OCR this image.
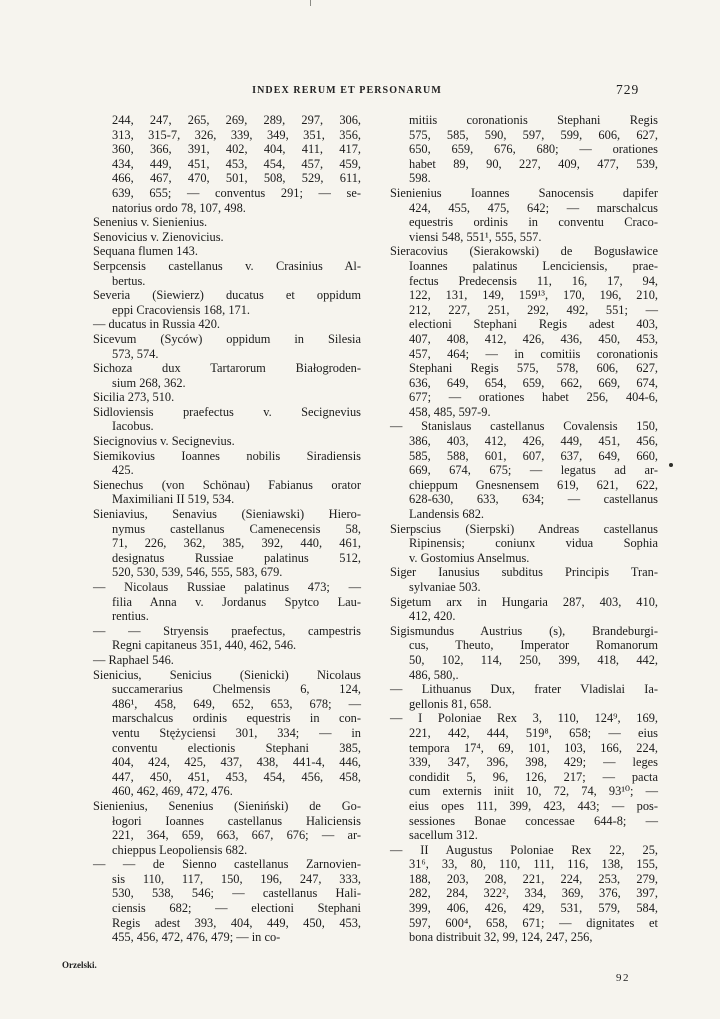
INDEX RERUM ET PERSONARUM	729
244, 247, 265, 269, 289, 297, 306,
313, 315-7, 326, 339, 349, 351, 356,
360, 366, 391, 402, 404, 411, 417,
434, 449, 451, 453, 454, 457, 459,
466, 467, 470, 501, 508, 529, 611,
639, 655; — conventus 291; — se-
natorius ordo 78, 107, 498.
Senenius v. Sienienius.
Senovicius v. Zienovicius.
Sequana flumen 143.
Serpcensis castellanus v. Crasinius Al-
bertus.
Severia (Siewierz) ducatus et oppidum
eppi Cracoviensis 168, 171.
— ducatus in Russia 420.
Sicevum (Syców) oppidum in Silesia
573, 574.
Sichoza dux Tartarorum Białogroden-
sium 268, 362.
Sicilia 273, 510.
Sidloviensis praefectus v. Secignevius
Iacobus.
Siecignovius v. Secignevius.
Siemikovius Ioannes nobilis Siradiensis
425.
Sienechus (von Schönau) Fabianus orator
Maximiliani II 519, 534.
Sieniavius, Senavius (Sieniawski) Hiero-
nymus castellanus Camenecensis 58,
71, 226, 362, 385, 392, 440, 461,
designatus Russiae palatinus 512,
520, 530, 539, 546, 555, 583, 679.
— Nicolaus Russiae palatinus 473; —
filia Anna v. Jordanus Spytco Lau-
rentius.
— — Stryensis praefectus, campestris
Regni capitaneus 351, 440, 462, 546.
— Raphael 546.
Sienicius, Senicius (Sienicki) Nicolaus
succamerarius Chelmensis 6, 124,
486¹, 458, 649, 652, 653, 678; —
marschalcus ordinis equestris in con-
ventu Stężyciensi 301, 334; — in
conventu electionis Stephani 385,
404, 424, 425, 437, 438, 441-4, 446,
447, 450, 451, 453, 454, 456, 458,
460, 462, 469, 472, 476.
Sienienius, Senenius (Sieniński) de Go-
łogori Ioannes castellanus Haliciensis
221, 364, 659, 663, 667, 676; — ar-
chieppus Leopoliensis 682.
— — de Sienno castellanus Zarnovien-
sis 110, 117, 150, 196, 247, 333,
530, 538, 546; — castellanus Hali-
ciensis 682; — electioni Stephani
Regis adest 393, 404, 449, 450, 453,
455, 456, 472, 476, 479; — in co-
mitiis coronationis Stephani Regis
575, 585, 590, 597, 599, 606, 627,
650, 659, 676, 680; — orationes
habet 89, 90, 227, 409, 477, 539,
598.
Sienienius Ioannes Sanocensis dapifer
424, 455, 475, 642; — marschalcus
equestris ordinis in conventu Craco-
viensi 548, 551¹, 555, 557.
Sieracovius (Sierakowski) de Bogusławice
Ioannes palatinus Lenciciensis, prae-
fectus Predecensis 11, 16, 17, 94,
122, 131, 149, 159¹³, 170, 196, 210,
212, 227, 251, 292, 492, 551; —
electioni Stephani Regis adest 403,
407, 408, 412, 426, 436, 450, 453,
457, 464; — in comitiis coronationis
Stephani Regis 575, 578, 606, 627,
636, 649, 654, 659, 662, 669, 674,
677; — orationes habet 256, 404-6,
458, 485, 597-9.
— Stanislaus castellanus Covalensis 150,
386, 403, 412, 426, 449, 451, 456,
585, 588, 601, 607, 637, 649, 660,
669, 674, 675; — legatus ad ar-
chieppum Gnesnensem 619, 621, 622,
628-630, 633, 634; — castellanus
Landensis 682.
Sierpscius (Sierpski) Andreas castellanus
Ripinensis; coniunx vidua Sophia
v. Gostomius Anselmus.
Siger Ianusius subditus Principis Tran-
sylvaniae 503.
Sigetum arx in Hungaria 287, 403, 410,
412, 420.
Sigismundus Austrius (s), Brandeburgi-
cus, Theuto, Imperator Romanorum
50, 102, 114, 250, 399, 418, 442,
486, 580,.
— Lithuanus Dux, frater Vladislai Ia-
gellonis 81, 658.
— I Poloniae Rex 3, 110, 124⁹, 169,
221, 442, 444, 519⁸, 658; — eius
tempora 17⁴, 69, 101, 103, 166, 224,
339, 347, 396, 398, 429; — leges
condidit 5, 96, 126, 217; — pacta
cum externis iniit 10, 72, 74, 93¹⁰; —
eius opes 111, 399, 423, 443; — pos-
sessiones Bonae concessae 644-8; —
sacellum 312.
— II Augustus Poloniae Rex 22, 25,
31⁶, 33, 80, 110, 111, 116, 138, 155,
188, 203, 208, 221, 224, 253, 279,
282, 284, 322², 334, 369, 376, 397,
399, 406, 426, 429, 531, 579, 584,
597, 600⁴, 658, 671; — dignitates et
bona distribuit 32, 99, 124, 247, 256,
Orzelski.
92
